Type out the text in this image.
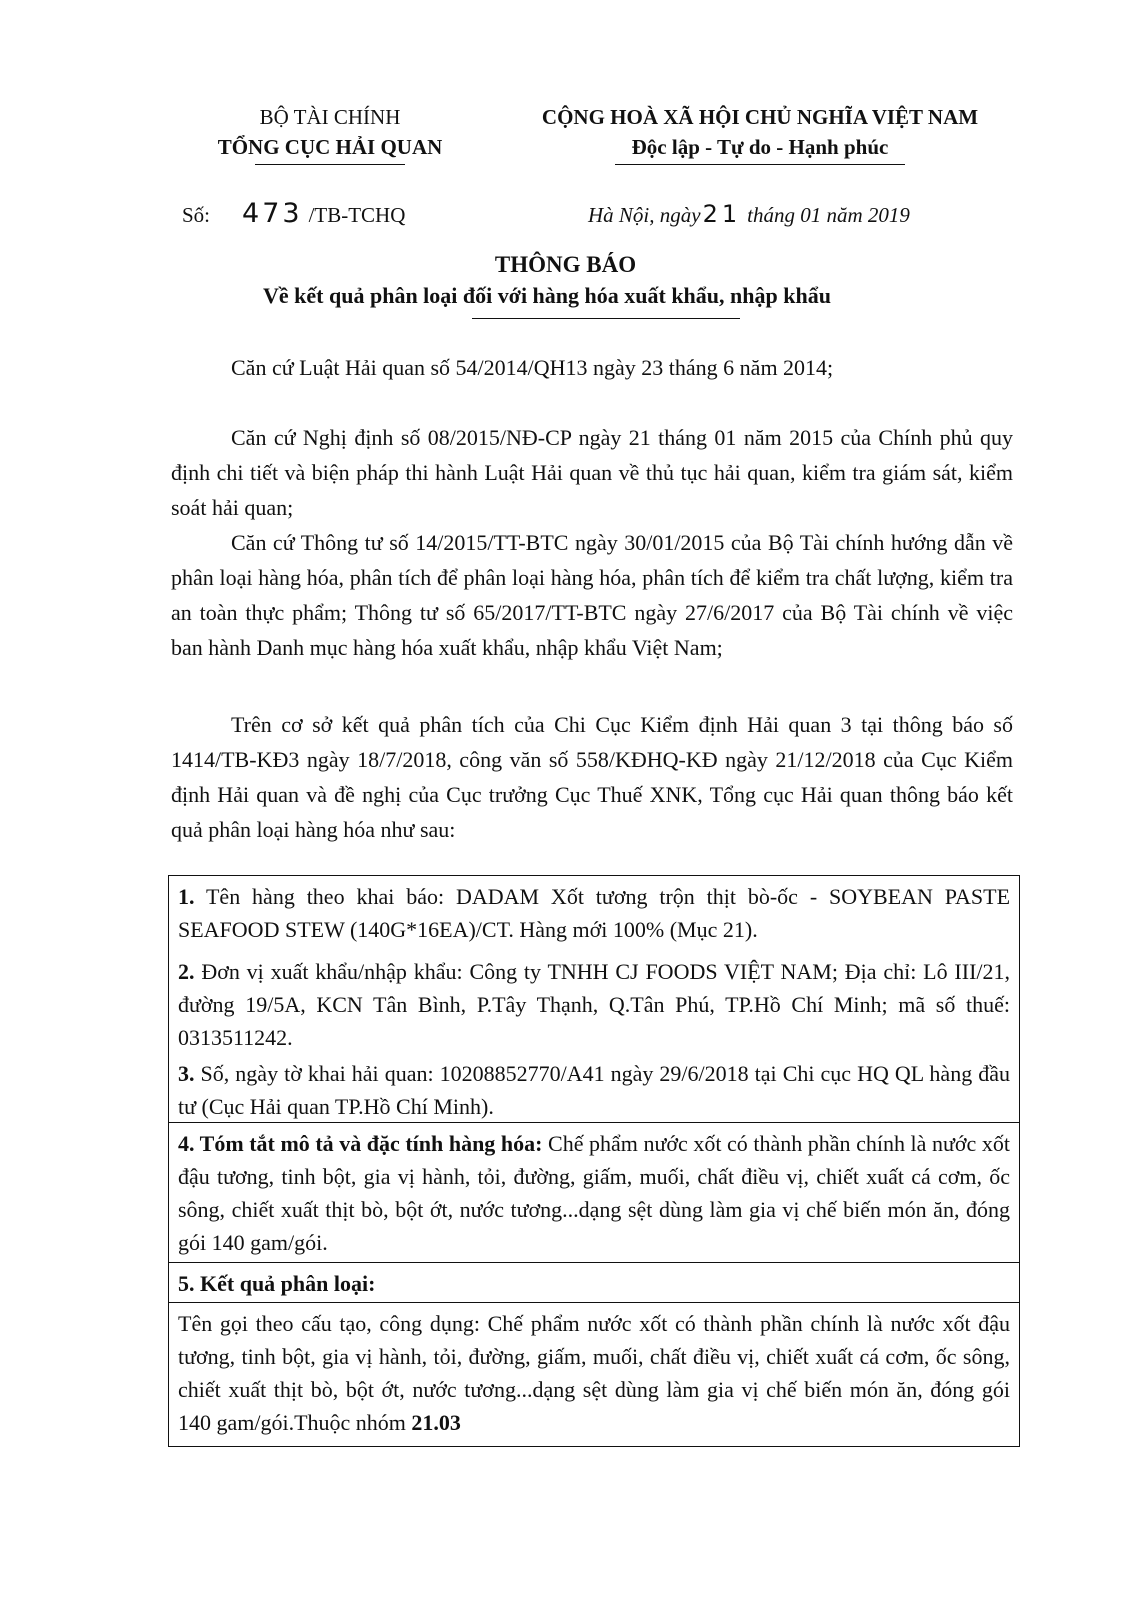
BỘ TÀI CHÍNH
TỔNG CỤC HẢI QUAN
CỘNG HOÀ XÃ HỘI CHỦ NGHĨA VIỆT NAM
Độc lập - Tự do - Hạnh phúc
Số: 473 /TB-TCHQ	Hà Nội, ngày21 tháng 01 năm 2019
THÔNG BÁO
Về kết quả phân loại đối với hàng hóa xuất khẩu, nhập khẩu
Căn cứ Luật Hải quan số 54/2014/QH13 ngày 23 tháng 6 năm 2014;
Căn cứ Nghị định số 08/2015/NĐ-CP ngày 21 tháng 01 năm 2015 của Chính phủ quy định chi tiết và biện pháp thi hành Luật Hải quan về thủ tục hải quan, kiểm tra giám sát, kiểm soát hải quan;
Căn cứ Thông tư số 14/2015/TT-BTC ngày 30/01/2015 của Bộ Tài chính hướng dẫn về phân loại hàng hóa, phân tích để phân loại hàng hóa, phân tích để kiểm tra chất lượng, kiểm tra an toàn thực phẩm; Thông tư số 65/2017/TT-BTC ngày 27/6/2017 của Bộ Tài chính về việc ban hành Danh mục hàng hóa xuất khẩu, nhập khẩu Việt Nam;
Trên cơ sở kết quả phân tích của Chi Cục Kiểm định Hải quan 3 tại thông báo số 1414/TB-KĐ3 ngày 18/7/2018, công văn số 558/KĐHQ-KĐ ngày 21/12/2018 của Cục Kiểm định Hải quan và đề nghị của Cục trưởng Cục Thuế XNK, Tổng cục Hải quan thông báo kết quả phân loại hàng hóa như sau:
1. Tên hàng theo khai báo: DADAM Xốt tương trộn thịt bò-ốc - SOYBEAN PASTE SEAFOOD STEW (140G*16EA)/CT. Hàng mới 100% (Mục 21).
2. Đơn vị xuất khẩu/nhập khẩu: Công ty TNHH CJ FOODS VIỆT NAM; Địa chỉ: Lô III/21, đường 19/5A, KCN Tân Bình, P.Tây Thạnh, Q.Tân Phú, TP.Hồ Chí Minh; mã số thuế: 0313511242.
3. Số, ngày tờ khai hải quan: 10208852770/A41 ngày 29/6/2018 tại Chi cục HQ QL hàng đầu tư (Cục Hải quan TP.Hồ Chí Minh).
4. Tóm tắt mô tả và đặc tính hàng hóa: Chế phẩm nước xốt có thành phần chính là nước xốt đậu tương, tinh bột, gia vị hành, tỏi, đường, giấm, muối, chất điều vị, chiết xuất cá cơm, ốc sông, chiết xuất thịt bò, bột ớt, nước tương...dạng sệt dùng làm gia vị chế biến món ăn, đóng gói 140 gam/gói.
5. Kết quả phân loại:
Tên gọi theo cấu tạo, công dụng: Chế phẩm nước xốt có thành phần chính là nước xốt đậu tương, tinh bột, gia vị hành, tỏi, đường, giấm, muối, chất điều vị, chiết xuất cá cơm, ốc sông, chiết xuất thịt bò, bột ớt, nước tương...dạng sệt dùng làm gia vị chế biến món ăn, đóng gói 140 gam/gói.Thuộc nhóm 21.03
